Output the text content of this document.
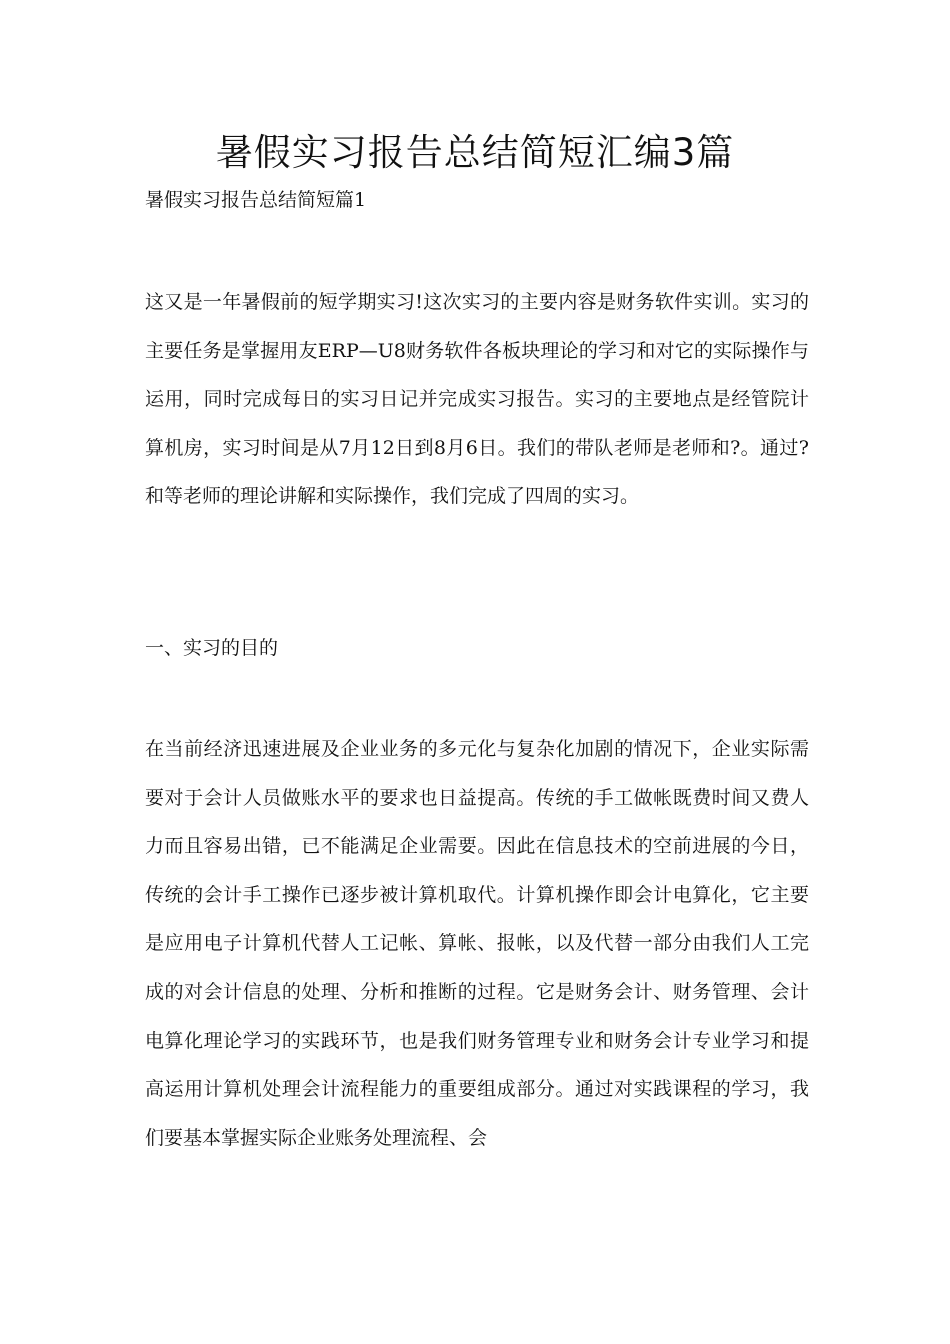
暑假实习报告总结简短汇编3篇

暑假实习报告总结简短篇1

这又是一年暑假前的短学期实习!这次实习的主要内容是财务软件实训。实习的主要任务是掌握用友ERP—U8财务软件各板块理论的学习和对它的实际操作与运用，同时完成每日的实习日记并完成实习报告。实习的主要地点是经管院计算机房，实习时间是从7月12日到8月6日。我们的带队老师是老师和?。通过?和等老师的理论讲解和实际操作，我们完成了四周的实习。

一、实习的目的

在当前经济迅速进展及企业业务的多元化与复杂化加剧的情况下，企业实际需要对于会计人员做账水平的要求也日益提高。传统的手工做帐既费时间又费人力而且容易出错，已不能满足企业需要。因此在信息技术的空前进展的今日，传统的会计手工操作已逐步被计算机取代。计算机操作即会计电算化，它主要是应用电子计算机代替人工记帐、算帐、报帐，以及代替一部分由我们人工完成的对会计信息的处理、分析和推断的过程。它是财务会计、财务管理、会计电算化理论学习的实践环节，也是我们财务管理专业和财务会计专业学习和提高运用计算机处理会计流程能力的重要组成部分。通过对实践课程的学习，我们要基本掌握实际企业账务处理流程、会
